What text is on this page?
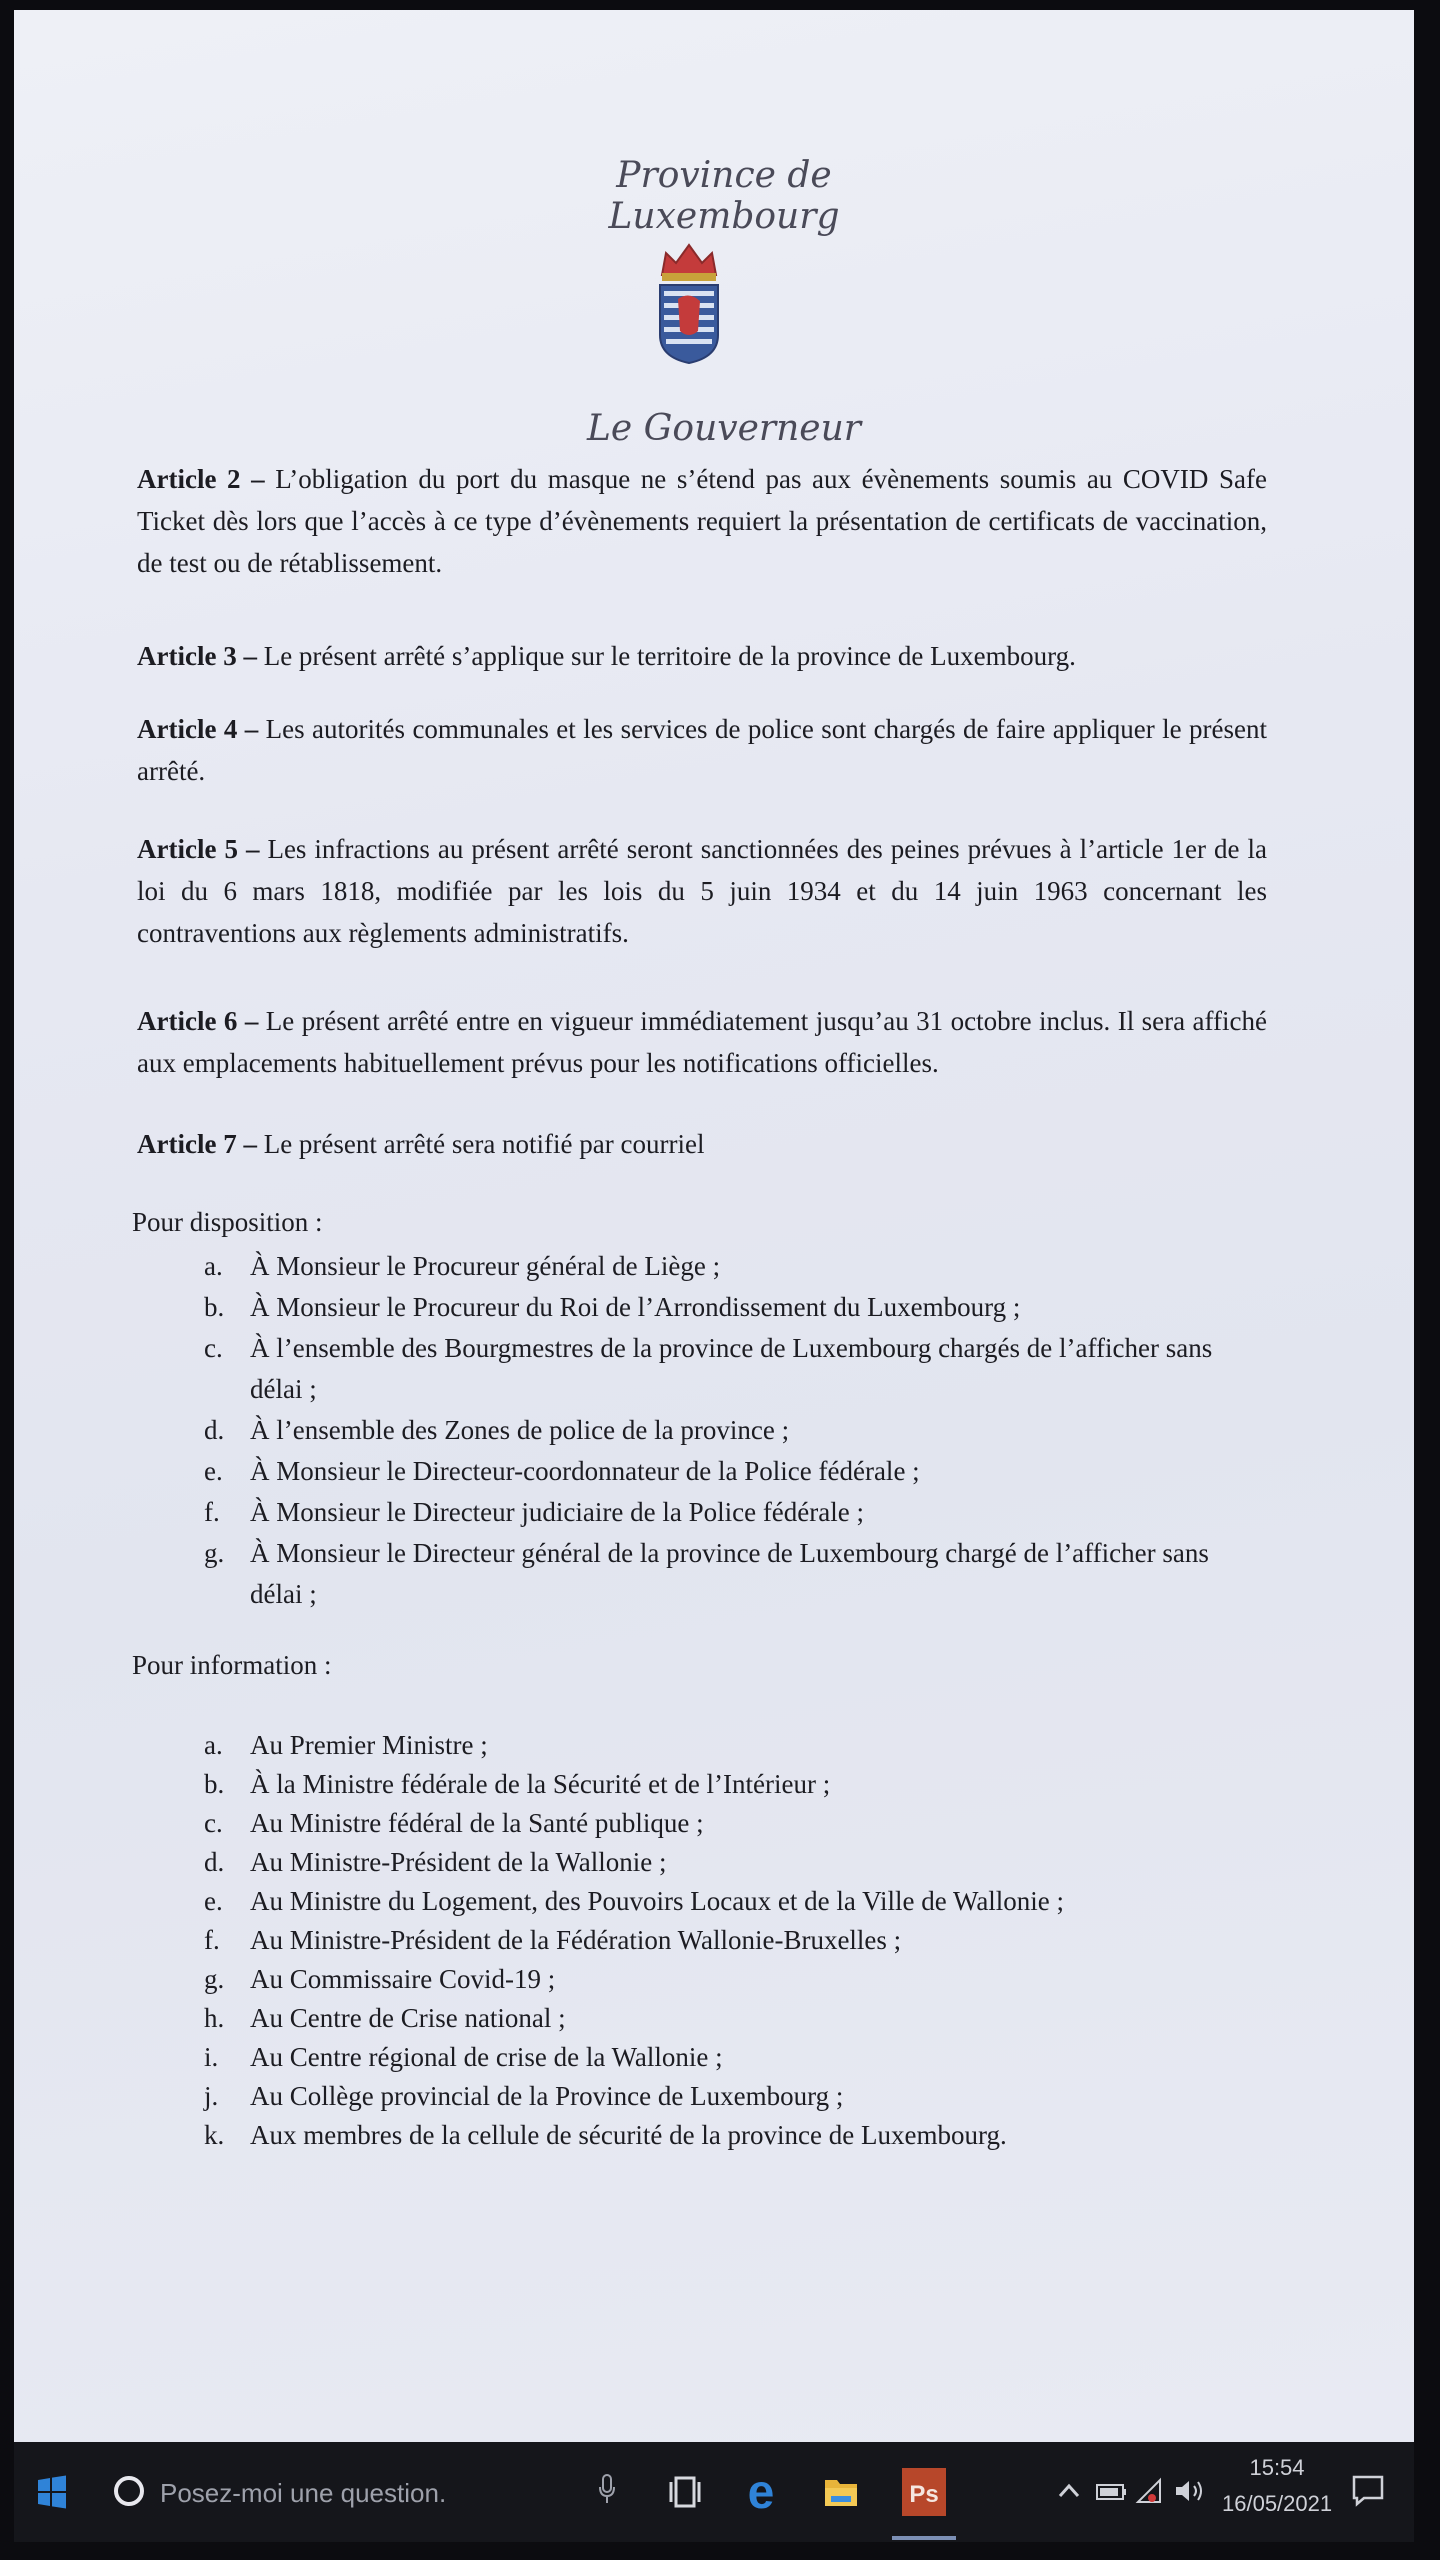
Province de Luxembourg
Le Gouverneur
Article 2 – L’obligation du port du masque ne s’étend pas aux évènements soumis au COVID Safe Ticket dès lors que l’accès à ce type d’évènements requiert la présentation de certificats de vaccination, de test ou de rétablissement.
Article 3 – Le présent arrêté s’applique sur le territoire de la province de Luxembourg.
Article 4 – Les autorités communales et les services de police sont chargés de faire appliquer le présent arrêté.
Article 5 – Les infractions au présent arrêté seront sanctionnées des peines prévues à l’article 1er de la loi du 6 mars 1818, modifiée par les lois du 5 juin 1934 et du 14 juin 1963 concernant les contraventions aux règlements administratifs.
Article 6 – Le présent arrêté entre en vigueur immédiatement jusqu’au 31 octobre inclus. Il sera affiché aux emplacements habituellement prévus pour les notifications officielles.
Article 7 – Le présent arrêté sera notifié par courriel
Pour disposition :
a. À Monsieur le Procureur général de Liège ;
b. À Monsieur le Procureur du Roi de l’Arrondissement du Luxembourg ;
c. À l’ensemble des Bourgmestres de la province de Luxembourg chargés de l’afficher sans délai ;
d. À l’ensemble des Zones de police de la province ;
e. À Monsieur le Directeur-coordonnateur de la Police fédérale ;
f. À Monsieur le Directeur judiciaire de la Police fédérale ;
g. À Monsieur le Directeur général de la province de Luxembourg chargé de l’afficher sans délai ;
Pour information :
a. Au Premier Ministre ;
b. À la Ministre fédérale de la Sécurité et de l’Intérieur ;
c. Au Ministre fédéral de la Santé publique ;
d. Au Ministre-Président de la Wallonie ;
e. Au Ministre du Logement, des Pouvoirs Locaux et de la Ville de Wallonie ;
f. Au Ministre-Président de la Fédération Wallonie-Bruxelles ;
g. Au Commissaire Covid-19 ;
h. Au Centre de Crise national ;
i. Au Centre régional de crise de la Wallonie ;
j. Au Collège provincial de la Province de Luxembourg ;
k. Aux membres de la cellule de sécurité de la province de Luxembourg.
Posez-moi une question.	e	Ps
15:54
16/05/2021
